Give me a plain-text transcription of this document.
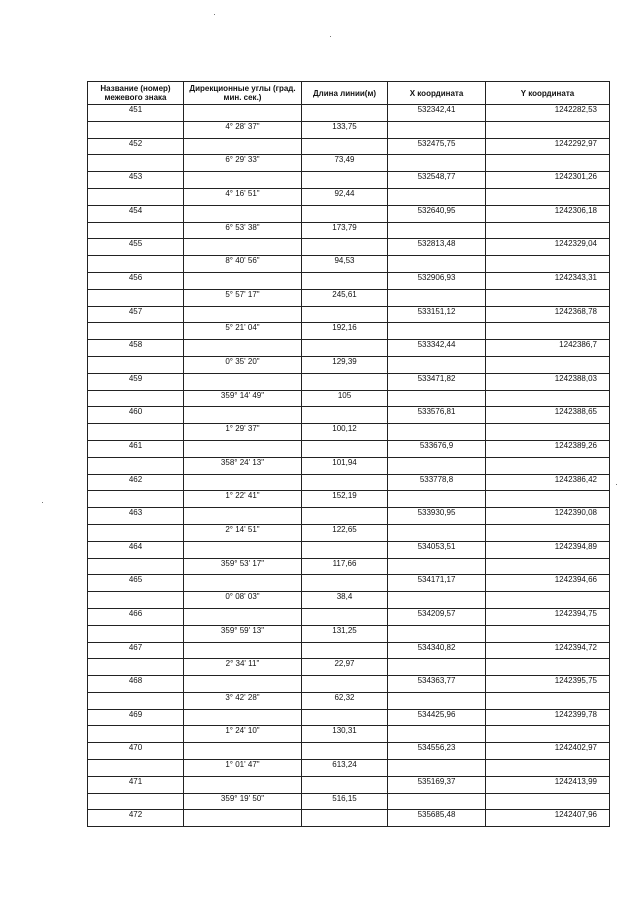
Название (номер) межевого знака	Дирекционные углы (град. мин. сек.)	Длина линии(м)	X координата	Y координата
451			532342,41	1242282,53
	4° 28' 37"	133,75		
452			532475,75	1242292,97
	6° 29' 33"	73,49		
453			532548,77	1242301,26
	4° 16' 51"	92,44		
454			532640,95	1242306,18
	6° 53' 38"	173,79		
455			532813,48	1242329,04
	8° 40' 56"	94,53		
456			532906,93	1242343,31
	5° 57' 17"	245,61		
457			533151,12	1242368,78
	5° 21' 04"	192,16		
458			533342,44	1242386,7
	0° 35' 20"	129,39		
459			533471,82	1242388,03
	359° 14' 49"	105		
460			533576,81	1242388,65
	1° 29' 37"	100,12		
461			533676,9	1242389,26
	358° 24' 13"	101,94		
462			533778,8	1242386,42
	1° 22' 41"	152,19		
463			533930,95	1242390,08
	2° 14' 51"	122,65		
464			534053,51	1242394,89
	359° 53' 17"	117,66		
465			534171,17	1242394,66
	0° 08' 03"	38,4		
466			534209,57	1242394,75
	359° 59' 13"	131,25		
467			534340,82	1242394,72
	2° 34' 11"	22,97		
468			534363,77	1242395,75
	3° 42' 28"	62,32		
469			534425,96	1242399,78
	1° 24' 10"	130,31		
470			534556,23	1242402,97
	1° 01' 47"	613,24		
471			535169,37	1242413,99
	359° 19' 50"	516,15		
472			535685,48	1242407,96
